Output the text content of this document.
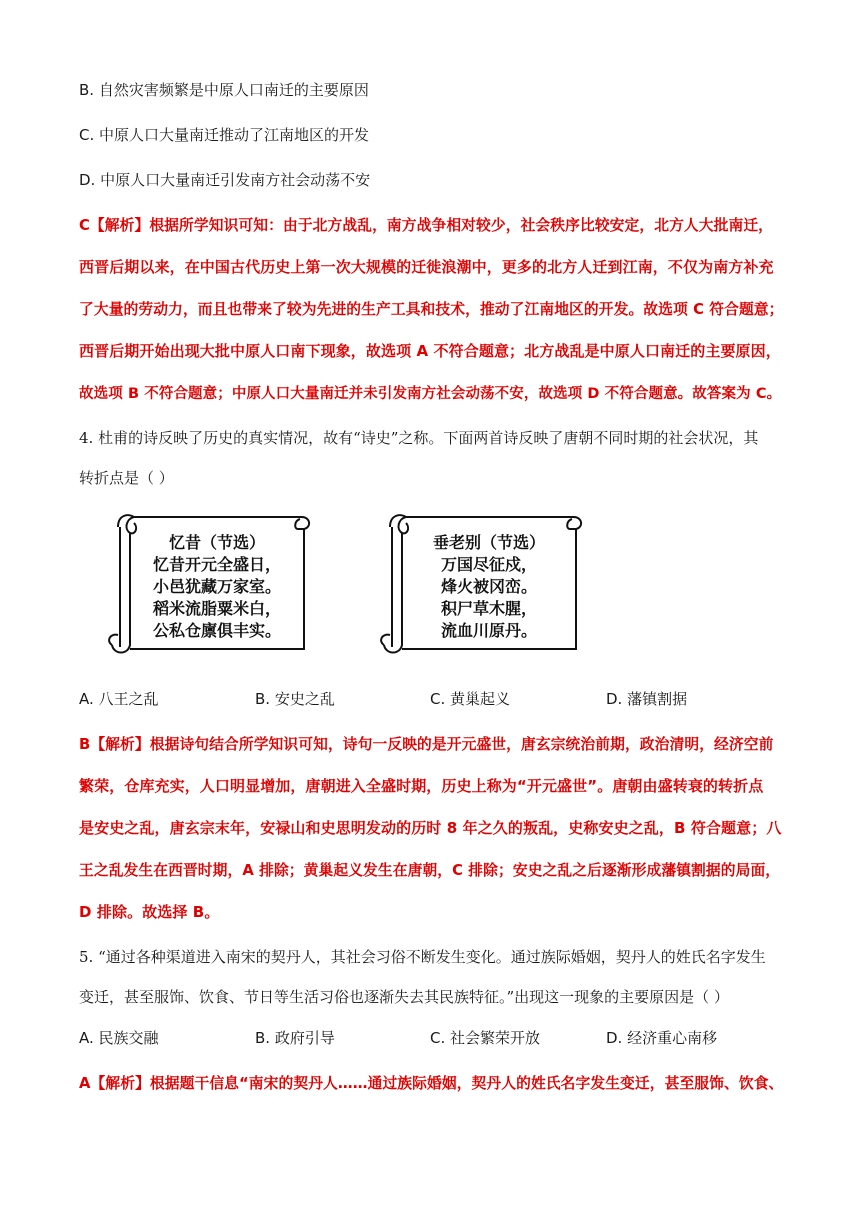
B. 自然灾害频繁是中原人口南迁的主要原因
C. 中原人口大量南迁推动了江南地区的开发
D. 中原人口大量南迁引发南方社会动荡不安
C【解析】根据所学知识可知：由于北方战乱，南方战争相对较少，社会秩序比较安定，北方人大批南迁，
西晋后期以来，在中国古代历史上第一次大规模的迁徙浪潮中，更多的北方人迁到江南，不仅为南方补充
了大量的劳动力，而且也带来了较为先进的生产工具和技术，推动了江南地区的开发。故选项 C 符合题意；
西晋后期开始出现大批中原人口南下现象，故选项 A 不符合题意；北方战乱是中原人口南迁的主要原因，
故选项 B 不符合题意；中原人口大量南迁并未引发南方社会动荡不安，故选项 D 不符合题意。故答案为 C。
4. 杜甫的诗反映了历史的真实情况，故有“诗史”之称。下面两首诗反映了唐朝不同时期的社会状况，其
转折点是（ ）
忆昔（节选）
忆昔开元全盛日，
小邑犹藏万家室。
稻米流脂粟米白，
公私仓廪俱丰实。
垂老别（节选）
万国尽征戍，
烽火被冈峦。
积尸草木腥，
流血川原丹。
A. 八王之乱	B. 安史之乱	C. 黄巢起义	D. 藩镇割据
B【解析】根据诗句结合所学知识可知，诗句一反映的是开元盛世，唐玄宗统治前期，政治清明，经济空前
繁荣，仓库充实，人口明显增加，唐朝进入全盛时期，历史上称为“开元盛世”。唐朝由盛转衰的转折点
是安史之乱，唐玄宗末年，安禄山和史思明发动的历时 8 年之久的叛乱，史称安史之乱，B 符合题意；八
王之乱发生在西晋时期，A 排除；黄巢起义发生在唐朝，C 排除；安史之乱之后逐渐形成藩镇割据的局面，
D 排除。故选择 B。
5. “通过各种渠道进入南宋的契丹人，其社会习俗不断发生变化。通过族际婚姻，契丹人的姓氏名字发生
变迁，甚至服饰、饮食、节日等生活习俗也逐渐失去其民族特征。”出现这一现象的主要原因是（ ）
A. 民族交融	B. 政府引导	C. 社会繁荣开放	D. 经济重心南移
A【解析】根据题干信息“南宋的契丹人……通过族际婚姻，契丹人的姓氏名字发生变迁，甚至服饰、饮食、
